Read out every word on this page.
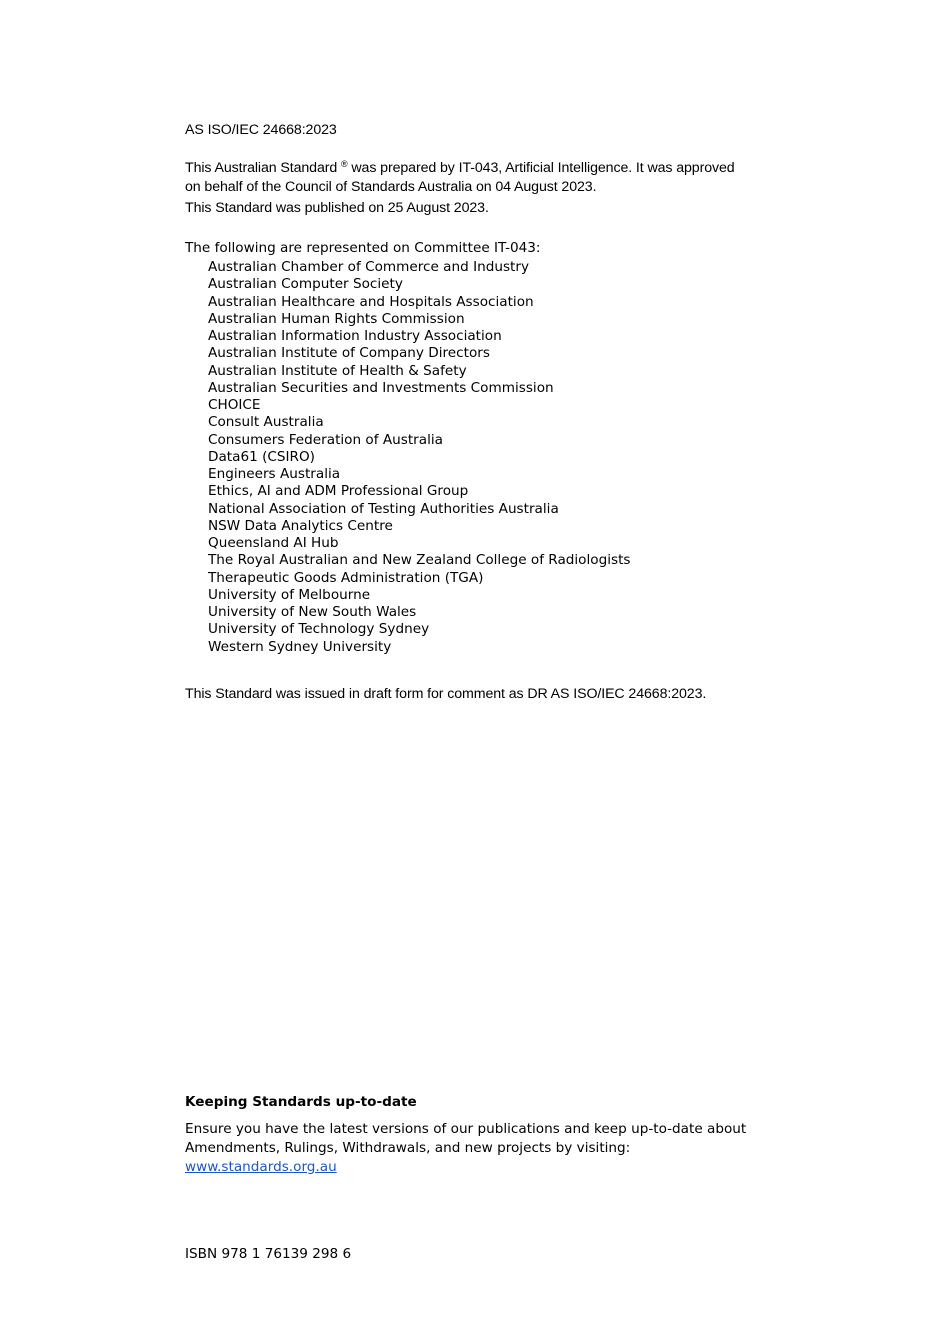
AS ISO/IEC 24668:2023
This Australian Standard ® was prepared by IT-043, Artificial Intelligence. It was approved
on behalf of the Council of Standards Australia on 04 August 2023.
This Standard was published on 25 August 2023.
The following are represented on Committee IT-043:
Australian Chamber of Commerce and Industry
Australian Computer Society
Australian Healthcare and Hospitals Association
Australian Human Rights Commission
Australian Information Industry Association
Australian Institute of Company Directors
Australian Institute of Health & Safety
Australian Securities and Investments Commission
CHOICE
Consult Australia
Consumers Federation of Australia
Data61 (CSIRO)
Engineers Australia
Ethics, AI and ADM Professional Group
National Association of Testing Authorities Australia
NSW Data Analytics Centre
Queensland AI Hub
The Royal Australian and New Zealand College of Radiologists
Therapeutic Goods Administration (TGA)
University of Melbourne
University of New South Wales
University of Technology Sydney
Western Sydney University
This Standard was issued in draft form for comment as DR AS ISO/IEC 24668:2023.
Keeping Standards up-to-date
Ensure you have the latest versions of our publications and keep up-to-date about
Amendments, Rulings, Withdrawals, and new projects by visiting:
www.standards.org.au
ISBN 978 1 76139 298 6
